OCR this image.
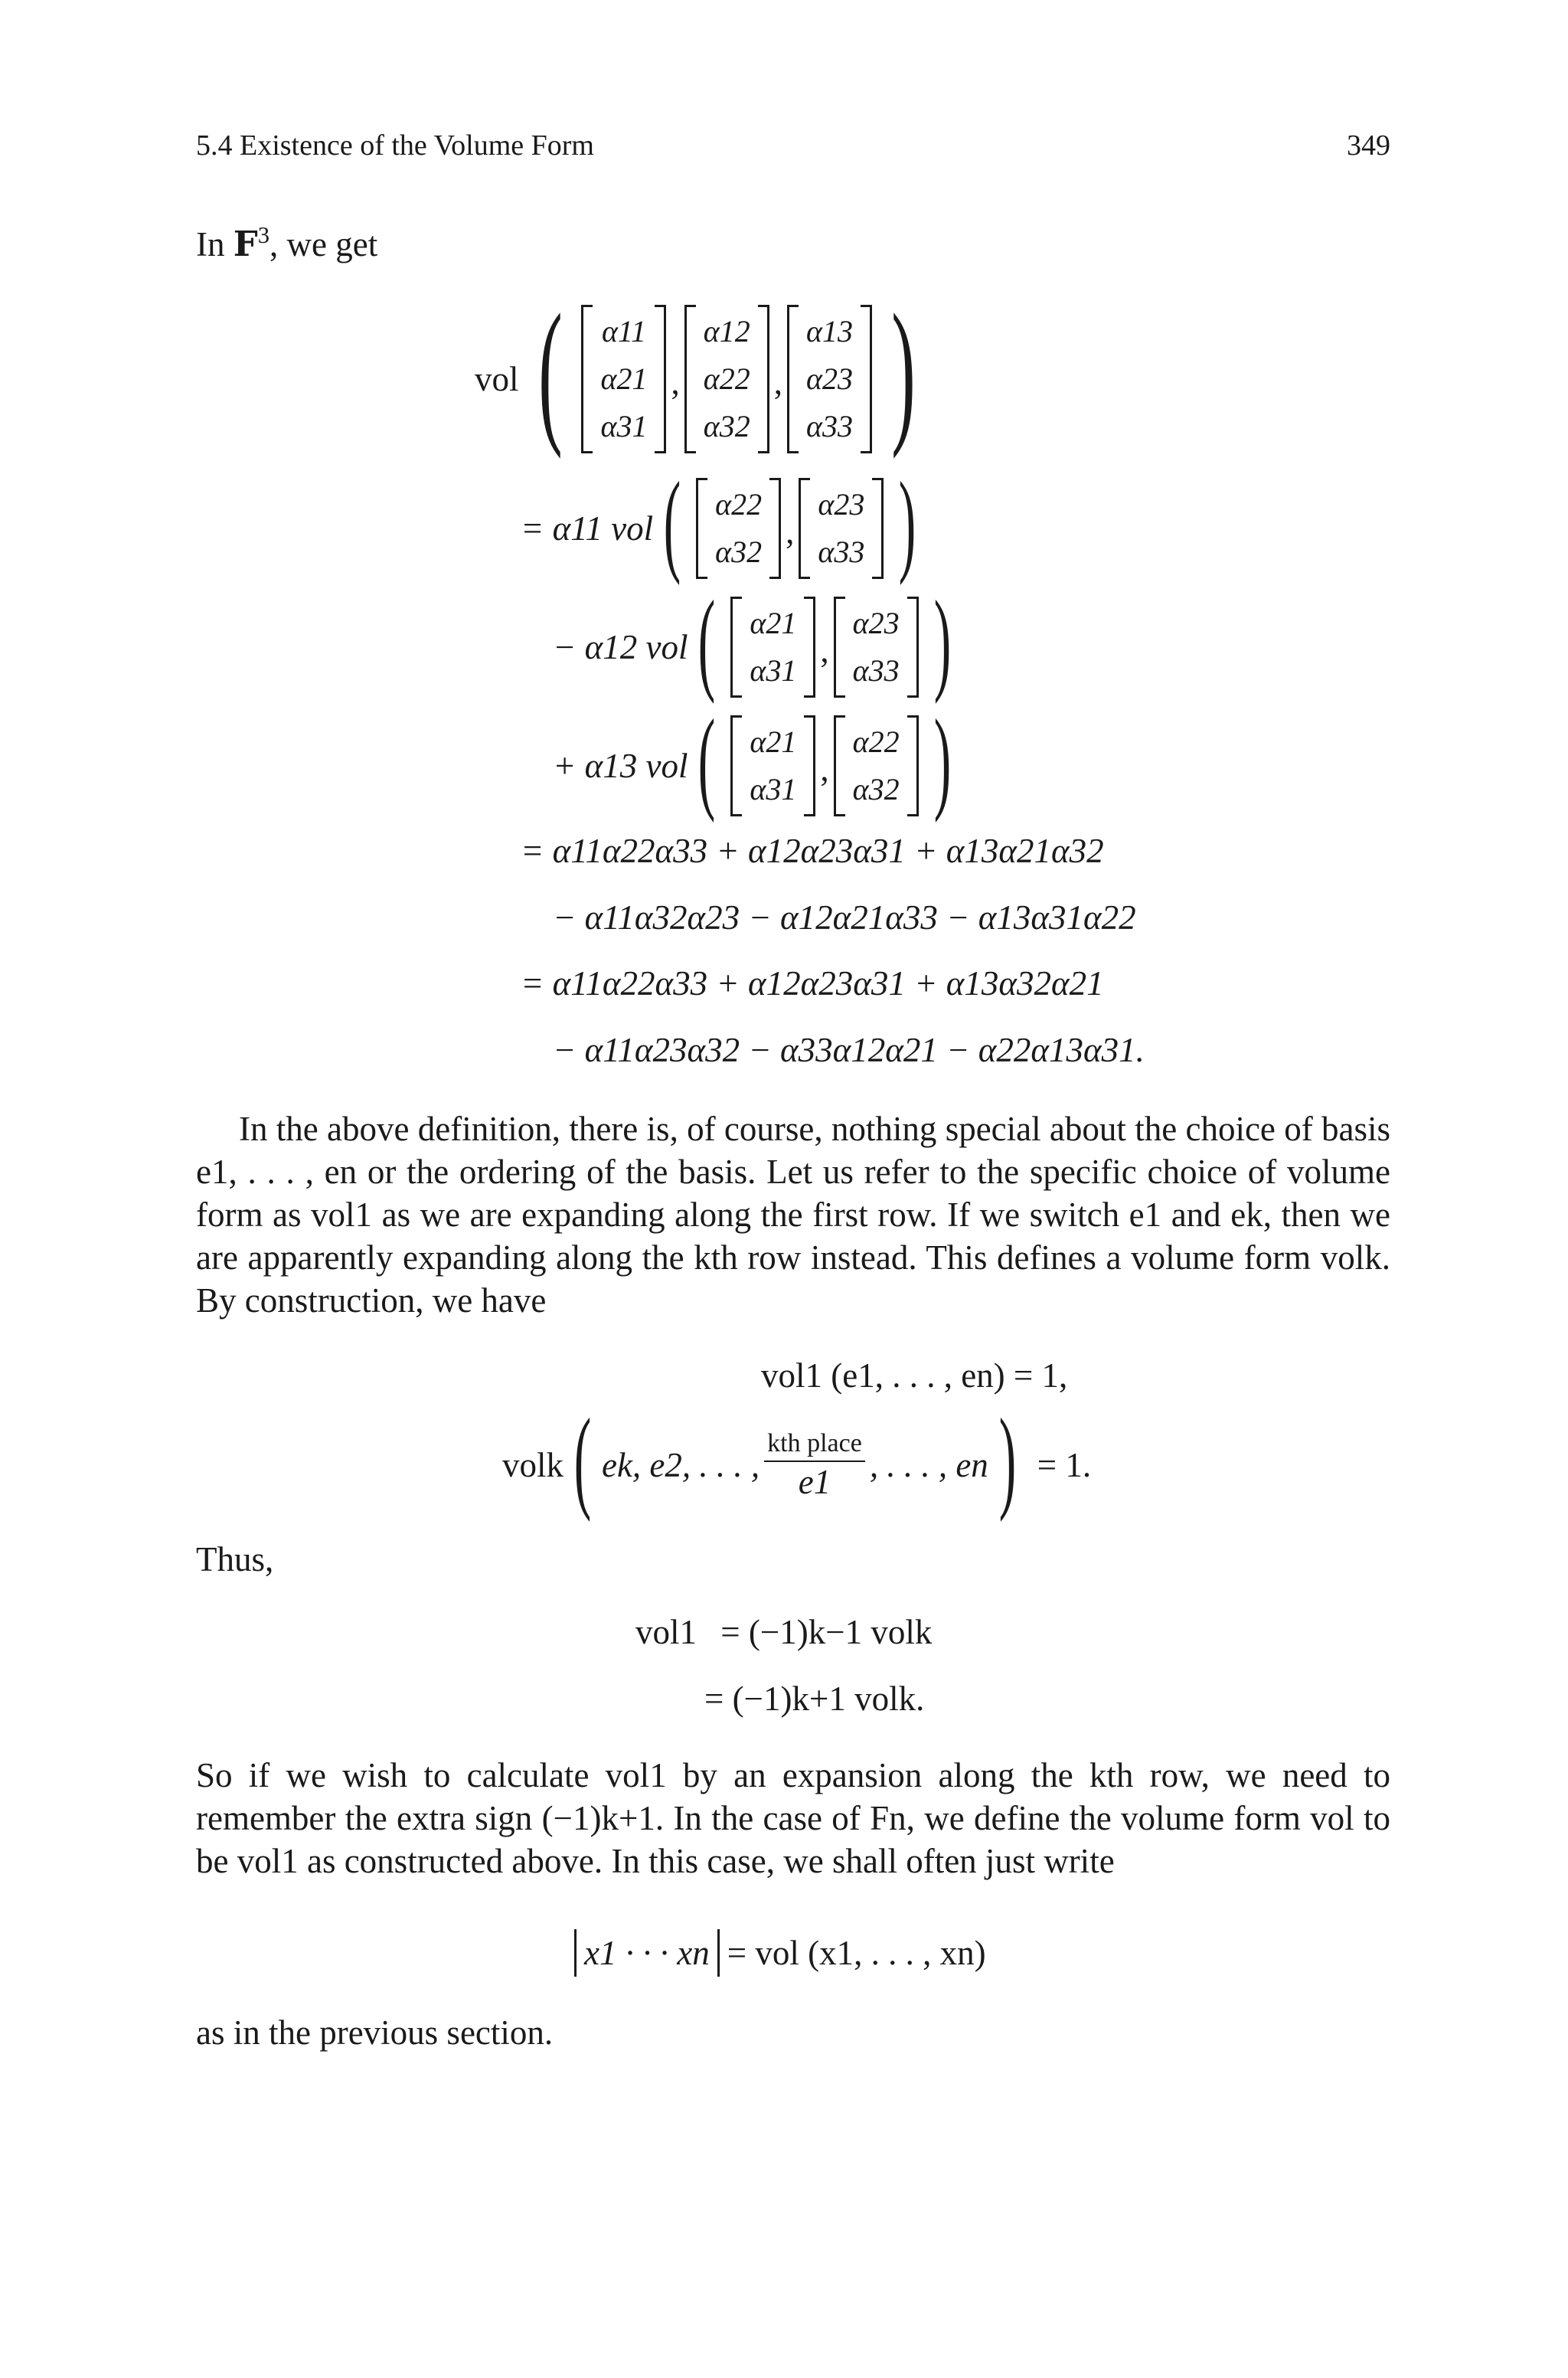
5.4 Existence of the Volume Form	349
In $F^3$, we get
vol ( α11
α21
α31
,
α12
α22
α32
,
α13
α23
α33 )
= α11 vol ( α22
α32
,
α23
α33 )
− α12 vol ( α21
α31
,
α23
α33 )
+ α13 vol ( α21
α31
,
α22
α32 )
= α11α22α33 + α12α23α31 + α13α21α32
− α11α32α23 − α12α21α33 − α13α31α22
= α11α22α33 + α12α23α31 + α13α32α21
− α11α23α32 − α33α12α21 − α22α13α31.

In the above definition, there is, of course, nothing special about the choice of basis e1, . . . , en or the ordering of the basis. Let us refer to the specific choice of volume form as vol1 as we are expanding along the first row. If we switch e1 and ek, then we are apparently expanding along the kth row instead. This defines a volume form volk. By construction, we have

vol1 (e1, . . . , en) = 1,
volk ( ek, e2, . . . , $\frac{\text{kth place}}{e1}$ , . . . , en ) = 1.
Thus,
vol1 = (−1)k−1 volk
= (−1)k+1 volk.

So if we wish to calculate vol1 by an expansion along the kth row, we need to remember the extra sign (−1)k+1. In the case of Fn, we define the volume form vol to be vol1 as constructed above. In this case, we shall often just write

x1 · · · xn = vol (x1, . . . , xn)
as in the previous section.
